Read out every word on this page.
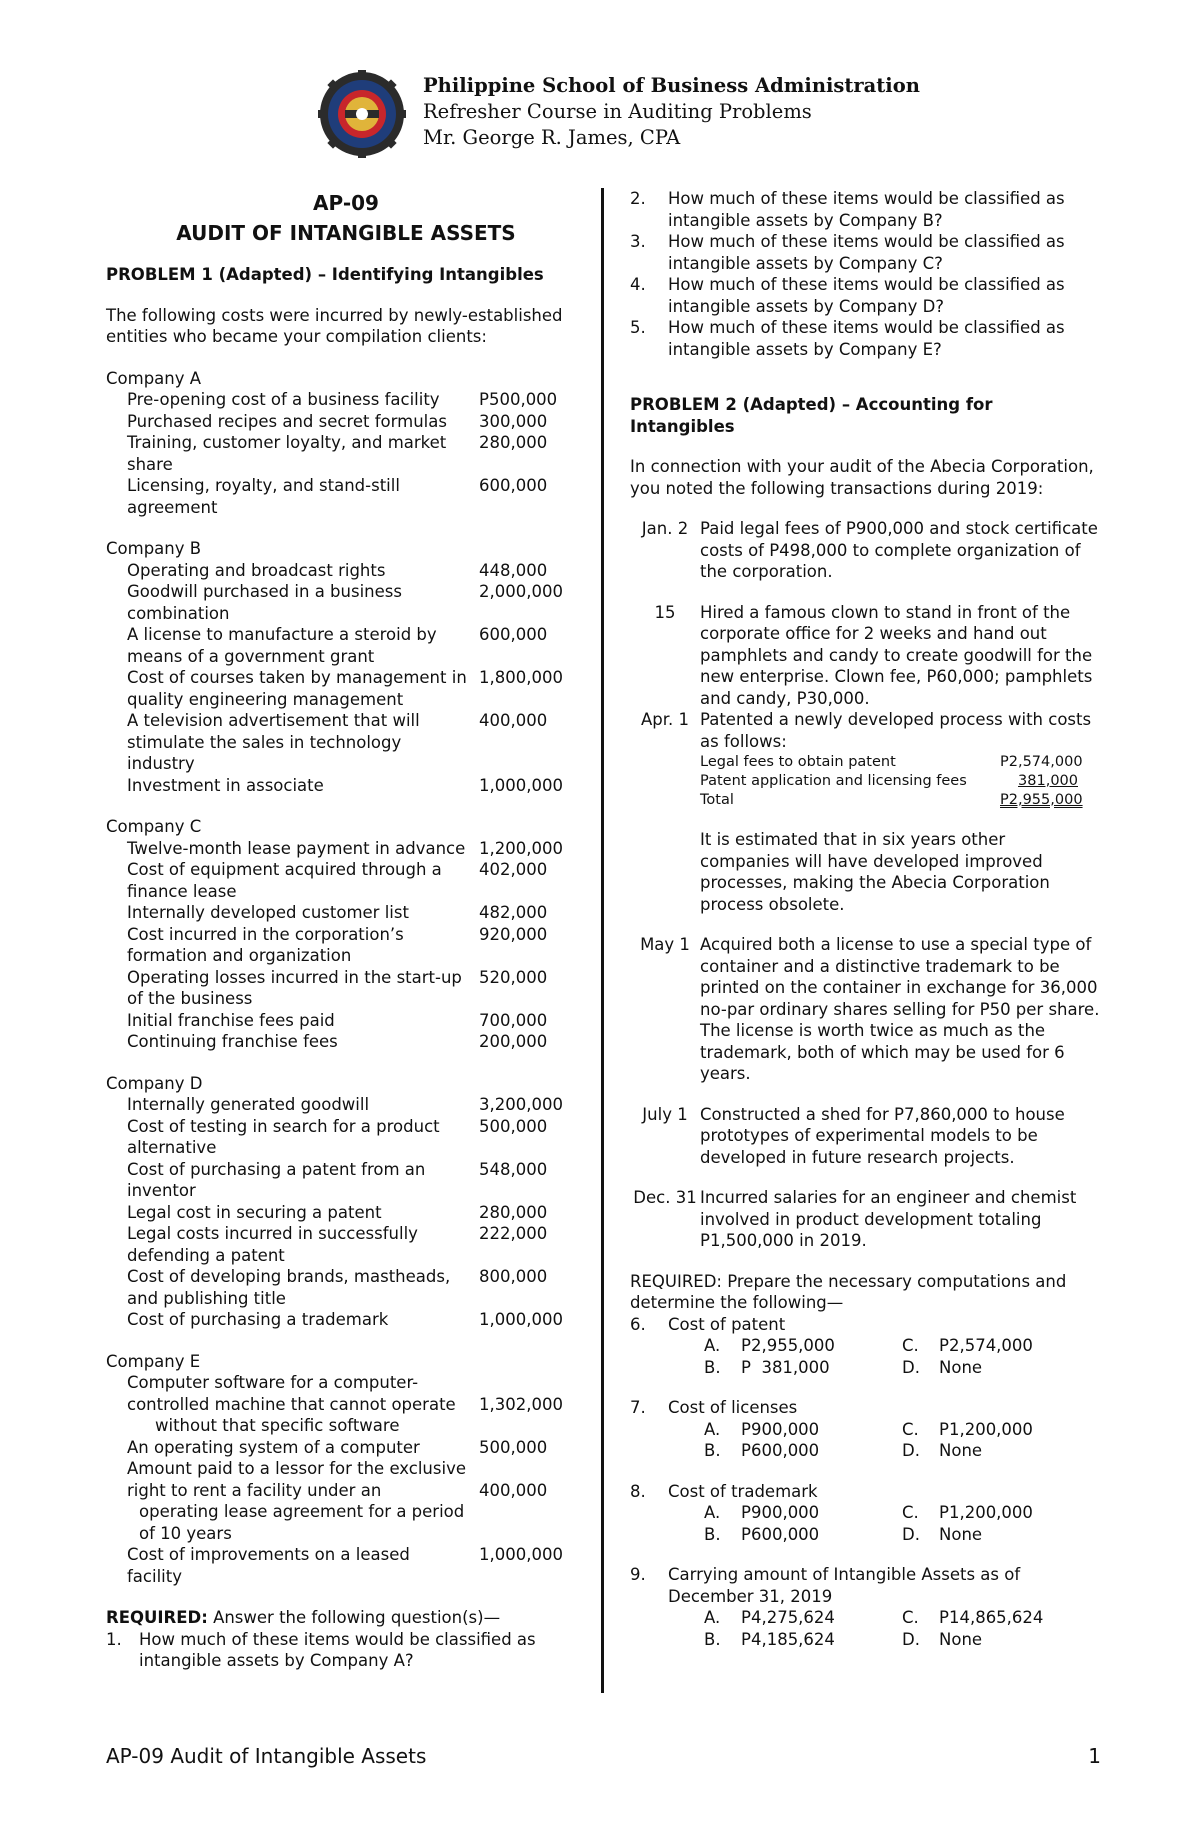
Philippine School of Business Administration
Refresher Course in Auditing Problems
Mr. George R. James, CPA
AP-09
AUDIT OF INTANGIBLE ASSETS
PROBLEM 1 (Adapted) – Identifying Intangibles
The following costs were incurred by newly-established entities who became your compilation clients:
Company A
Pre-opening cost of a business facility	P500,000
Purchased recipes and secret formulas	300,000
Training, customer loyalty, and market share
280,000
Licensing, royalty, and stand-still agreement
600,000
Company B
Operating and broadcast rights	448,000
Goodwill purchased in a business combination
2,000,000
A license to manufacture a steroid by means of a government grant
600,000
Cost of courses taken by management in quality engineering management
1,800,000
A television advertisement that will stimulate the sales in technology industry
400,000
Investment in associate	1,000,000
Company C
Twelve-month lease payment in advance 1,200,000
Cost of equipment acquired through a finance lease
402,000
Internally developed customer list	482,000
Cost incurred in the corporation’s formation and organization
920,000
Operating losses incurred in the start-up of the business
520,000
Initial franchise fees paid	700,000
Continuing franchise fees	200,000
Company D
Internally generated goodwill	3,200,000
Cost of testing in search for a product alternative
500,000
Cost of purchasing a patent from an inventor
548,000
Legal cost in securing a patent	280,000
Legal costs incurred in successfully defending a patent
222,000
Cost of developing brands, mastheads, and publishing title
800,000
Cost of purchasing a trademark	1,000,000
Company E
Computer software for a computer-
controlled machine that cannot operate
without that specific software
1,302,000
An operating system of a computer	500,000
Amount paid to a lessor for the exclusive
right to rent a facility under an
operating lease agreement for a period of 10 years
400,000
Cost of improvements on a leased facility
1,000,000
REQUIRED: Answer the following question(s)—
1.	How much of these items would be classified as intangible assets by Company A?
2.	How much of these items would be classified as intangible assets by Company B?
3.	How much of these items would be classified as intangible assets by Company C?
4.	How much of these items would be classified as intangible assets by Company D?
5.	How much of these items would be classified as intangible assets by Company E?
PROBLEM 2 (Adapted) – Accounting for Intangibles
In connection with your audit of the Abecia Corporation, you noted the following transactions during 2019:
Jan. 2 Paid legal fees of P900,000 and stock certificate costs of P498,000 to complete organization of the corporation.
15	Hired a famous clown to stand in front of the corporate office for 2 weeks and hand out pamphlets and candy to create goodwill for the new enterprise. Clown fee, P60,000; pamphlets and candy, P30,000.
Apr. 1 Patented a newly developed process with costs as follows:
Legal fees to obtain patent	P2,574,000
Patent application and licensing fees	381,000
Total	P2,955,000
It is estimated that in six years other companies will have developed improved processes, making the Abecia Corporation process obsolete.
May 1 Acquired both a license to use a special type of container and a distinctive trademark to be printed on the container in exchange for 36,000 no-par ordinary shares selling for P50 per share. The license is worth twice as much as the trademark, both of which may be used for 6 years.
July 1 Constructed a shed for P7,860,000 to house prototypes of experimental models to be developed in future research projects.
Dec. 31 Incurred salaries for an engineer and chemist involved in product development totaling P1,500,000 in 2019.
REQUIRED: Prepare the necessary computations and determine the following—
6.	Cost of patent
A.	P2,955,000	C.	P2,574,000
B.	P  381,000	D.	None
7.	Cost of licenses
A.	P900,000	C.	P1,200,000
B.	P600,000	D.	None
8.	Cost of trademark
A.	P900,000	C.	P1,200,000
B.	P600,000	D.	None
9.	Carrying amount of Intangible Assets as of December 31, 2019
A.	P4,275,624	C.	P14,865,624
B.	P4,185,624	D.	None
AP-09 Audit of Intangible Assets	1
